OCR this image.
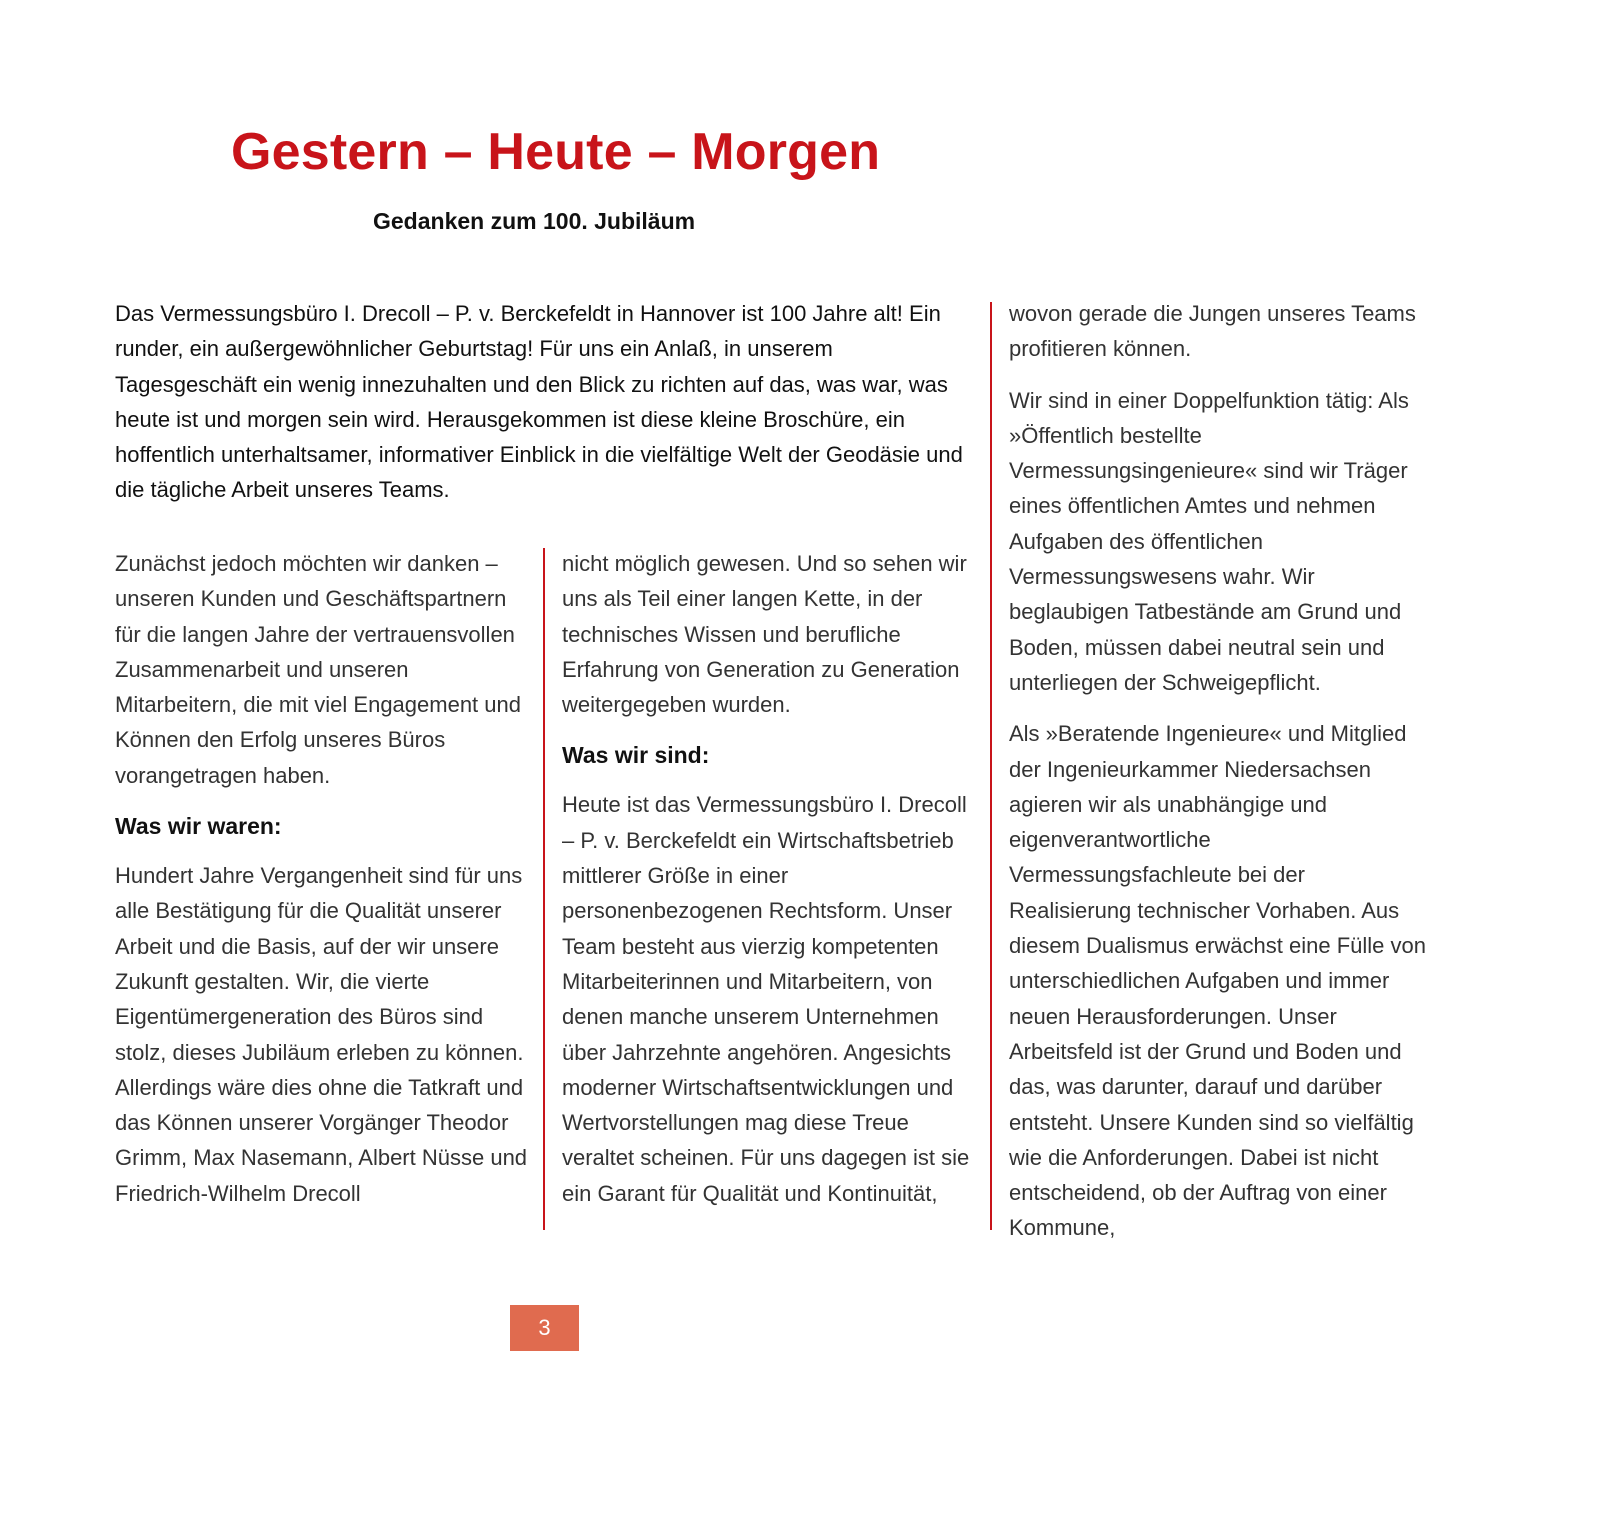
Gestern – Heute – Morgen
Gedanken zum 100. Jubiläum

Das Vermessungsbüro I. Drecoll – P. v. Berckefeldt in Hannover ist 100 Jahre alt! Ein runder, ein außergewöhnlicher Geburtstag! Für uns ein Anlaß, in unserem Tagesgeschäft ein wenig innezuhalten und den Blick zu richten auf das, was war, was heute ist und morgen sein wird. Herausgekommen ist diese kleine Broschüre, ein hoffentlich unterhaltsamer, informativer Einblick in die vielfältige Welt der Geodäsie und die tägliche Arbeit unseres Teams.

Zunächst jedoch möchten wir danken – unseren Kunden und Geschäftspartnern für die langen Jahre der vertrauensvollen Zusammenarbeit und unseren Mitarbeitern, die mit viel Engagement und Können den Erfolg unseres Büros vorangetragen haben.

Was wir waren:

Hundert Jahre Vergangenheit sind für uns alle Bestätigung für die Qualität unserer Arbeit und die Basis, auf der wir unsere Zukunft gestalten. Wir, die vierte Eigentümergeneration des Büros sind stolz, dieses Jubiläum erleben zu können. Allerdings wäre dies ohne die Tatkraft und das Können unserer Vorgänger Theodor Grimm, Max Nasemann, Albert Nüsse und Friedrich-Wilhelm Drecoll

nicht möglich gewesen. Und so sehen wir uns als Teil einer langen Kette, in der technisches Wissen und berufliche Erfahrung von Generation zu Generation weitergegeben wurden.

Was wir sind:

Heute ist das Vermessungsbüro I. Drecoll – P. v. Berckefeldt ein Wirtschaftsbetrieb mittlerer Größe in einer personenbezogenen Rechtsform. Unser Team besteht aus vierzig kompetenten Mitarbeiterinnen und Mitarbeitern, von denen manche unserem Unternehmen über Jahrzehnte angehören. Angesichts moderner Wirtschaftsentwicklungen und Wertvorstellungen mag diese Treue veraltet scheinen. Für uns dagegen ist sie ein Garant für Qualität und Kontinuität,

wovon gerade die Jungen unseres Teams profitieren können.

Wir sind in einer Doppelfunktion tätig: Als »Öffentlich bestellte Vermessungsingenieure« sind wir Träger eines öffentlichen Amtes und nehmen Aufgaben des öffentlichen Vermessungswesens wahr. Wir beglaubigen Tatbestände am Grund und Boden, müssen dabei neutral sein und unterliegen der Schweigepflicht.

Als »Beratende Ingenieure« und Mitglied der Ingenieurkammer Niedersachsen agieren wir als unabhängige und eigenverantwortliche Vermessungsfachleute bei der Realisierung technischer Vorhaben. Aus diesem Dualismus erwächst eine Fülle von unterschiedlichen Aufgaben und immer neuen Herausforderungen. Unser Arbeitsfeld ist der Grund und Boden und das, was darunter, darauf und darüber entsteht. Unsere Kunden sind so vielfältig wie die Anforderungen. Dabei ist nicht entscheidend, ob der Auftrag von einer Kommune,

3
